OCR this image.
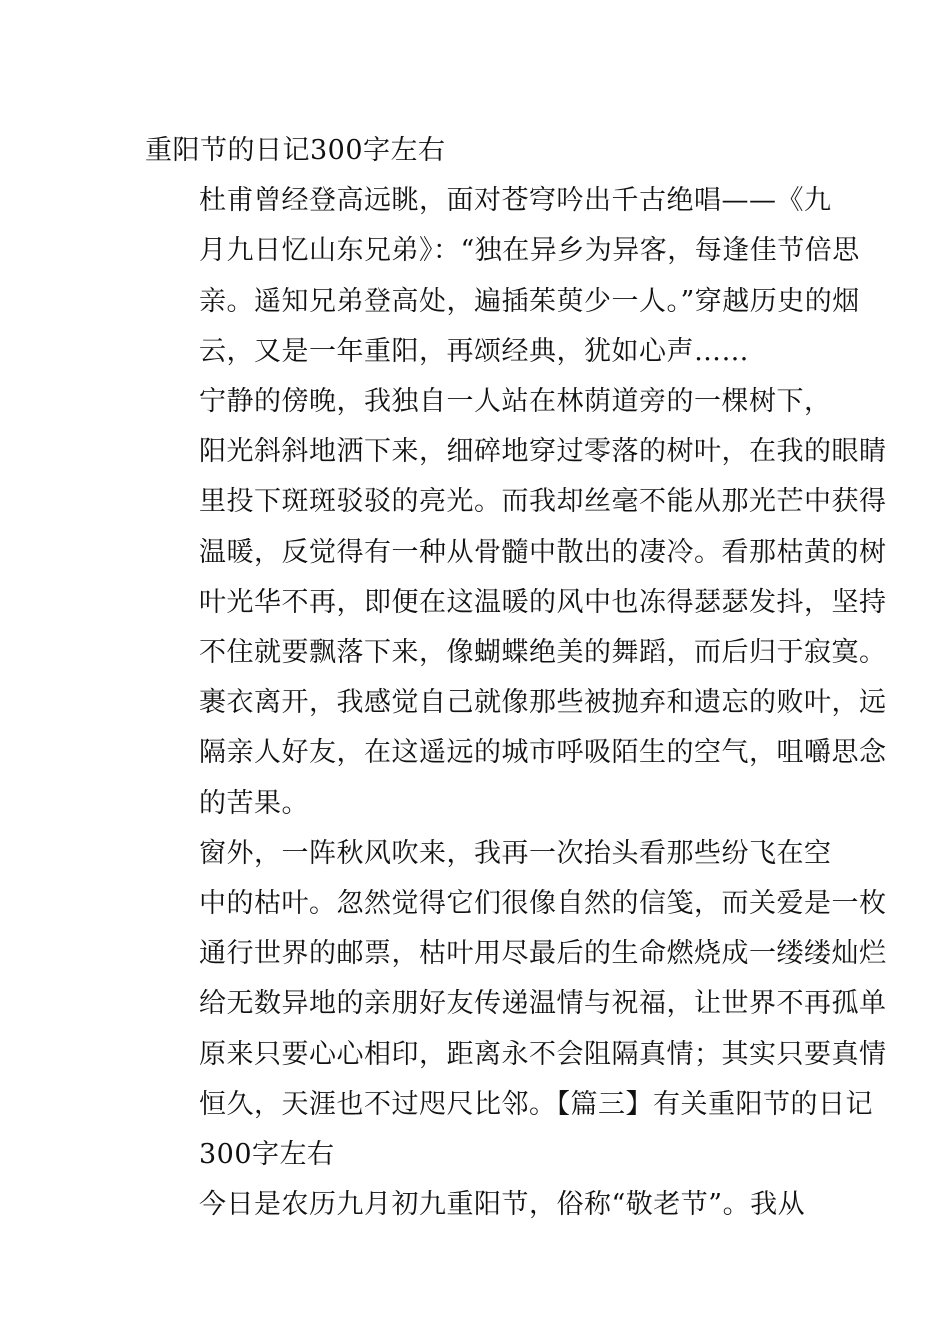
重阳节的日记300字左右

杜甫曾经登高远眺，面对苍穹吟出千古绝唱——《九
月九日忆山东兄弟》：“独在异乡为异客，每逢佳节倍思
亲。遥知兄弟登高处，遍插茱萸少一人。”穿越历史的烟
云，又是一年重阳，再颂经典，犹如心声……

宁静的傍晚，我独自一人站在林荫道旁的一棵树下，
阳光斜斜地洒下来，细碎地穿过零落的树叶，在我的眼睛
里投下斑斑驳驳的亮光。而我却丝毫不能从那光芒中获得
温暖，反觉得有一种从骨髓中散出的凄冷。看那枯黄的树
叶光华不再，即便在这温暖的风中也冻得瑟瑟发抖，坚持
不住就要飘落下来，像蝴蝶绝美的舞蹈，而后归于寂寞。
裹衣离开，我感觉自己就像那些被抛弃和遗忘的败叶，远
隔亲人好友，在这遥远的城市呼吸陌生的空气，咀嚼思念
的苦果。

窗外，一阵秋风吹来，我再一次抬头看那些纷飞在空
中的枯叶。忽然觉得它们很像自然的信笺，而关爱是一枚
通行世界的邮票，枯叶用尽最后的生命燃烧成一缕缕灿烂
给无数异地的亲朋好友传递温情与祝福，让世界不再孤单
原来只要心心相印，距离永不会阻隔真情；其实只要真情
恒久，天涯也不过咫尺比邻。【篇三】有关重阳节的日记
300字左右

今日是农历九月初九重阳节，俗称“敬老节”。我从
